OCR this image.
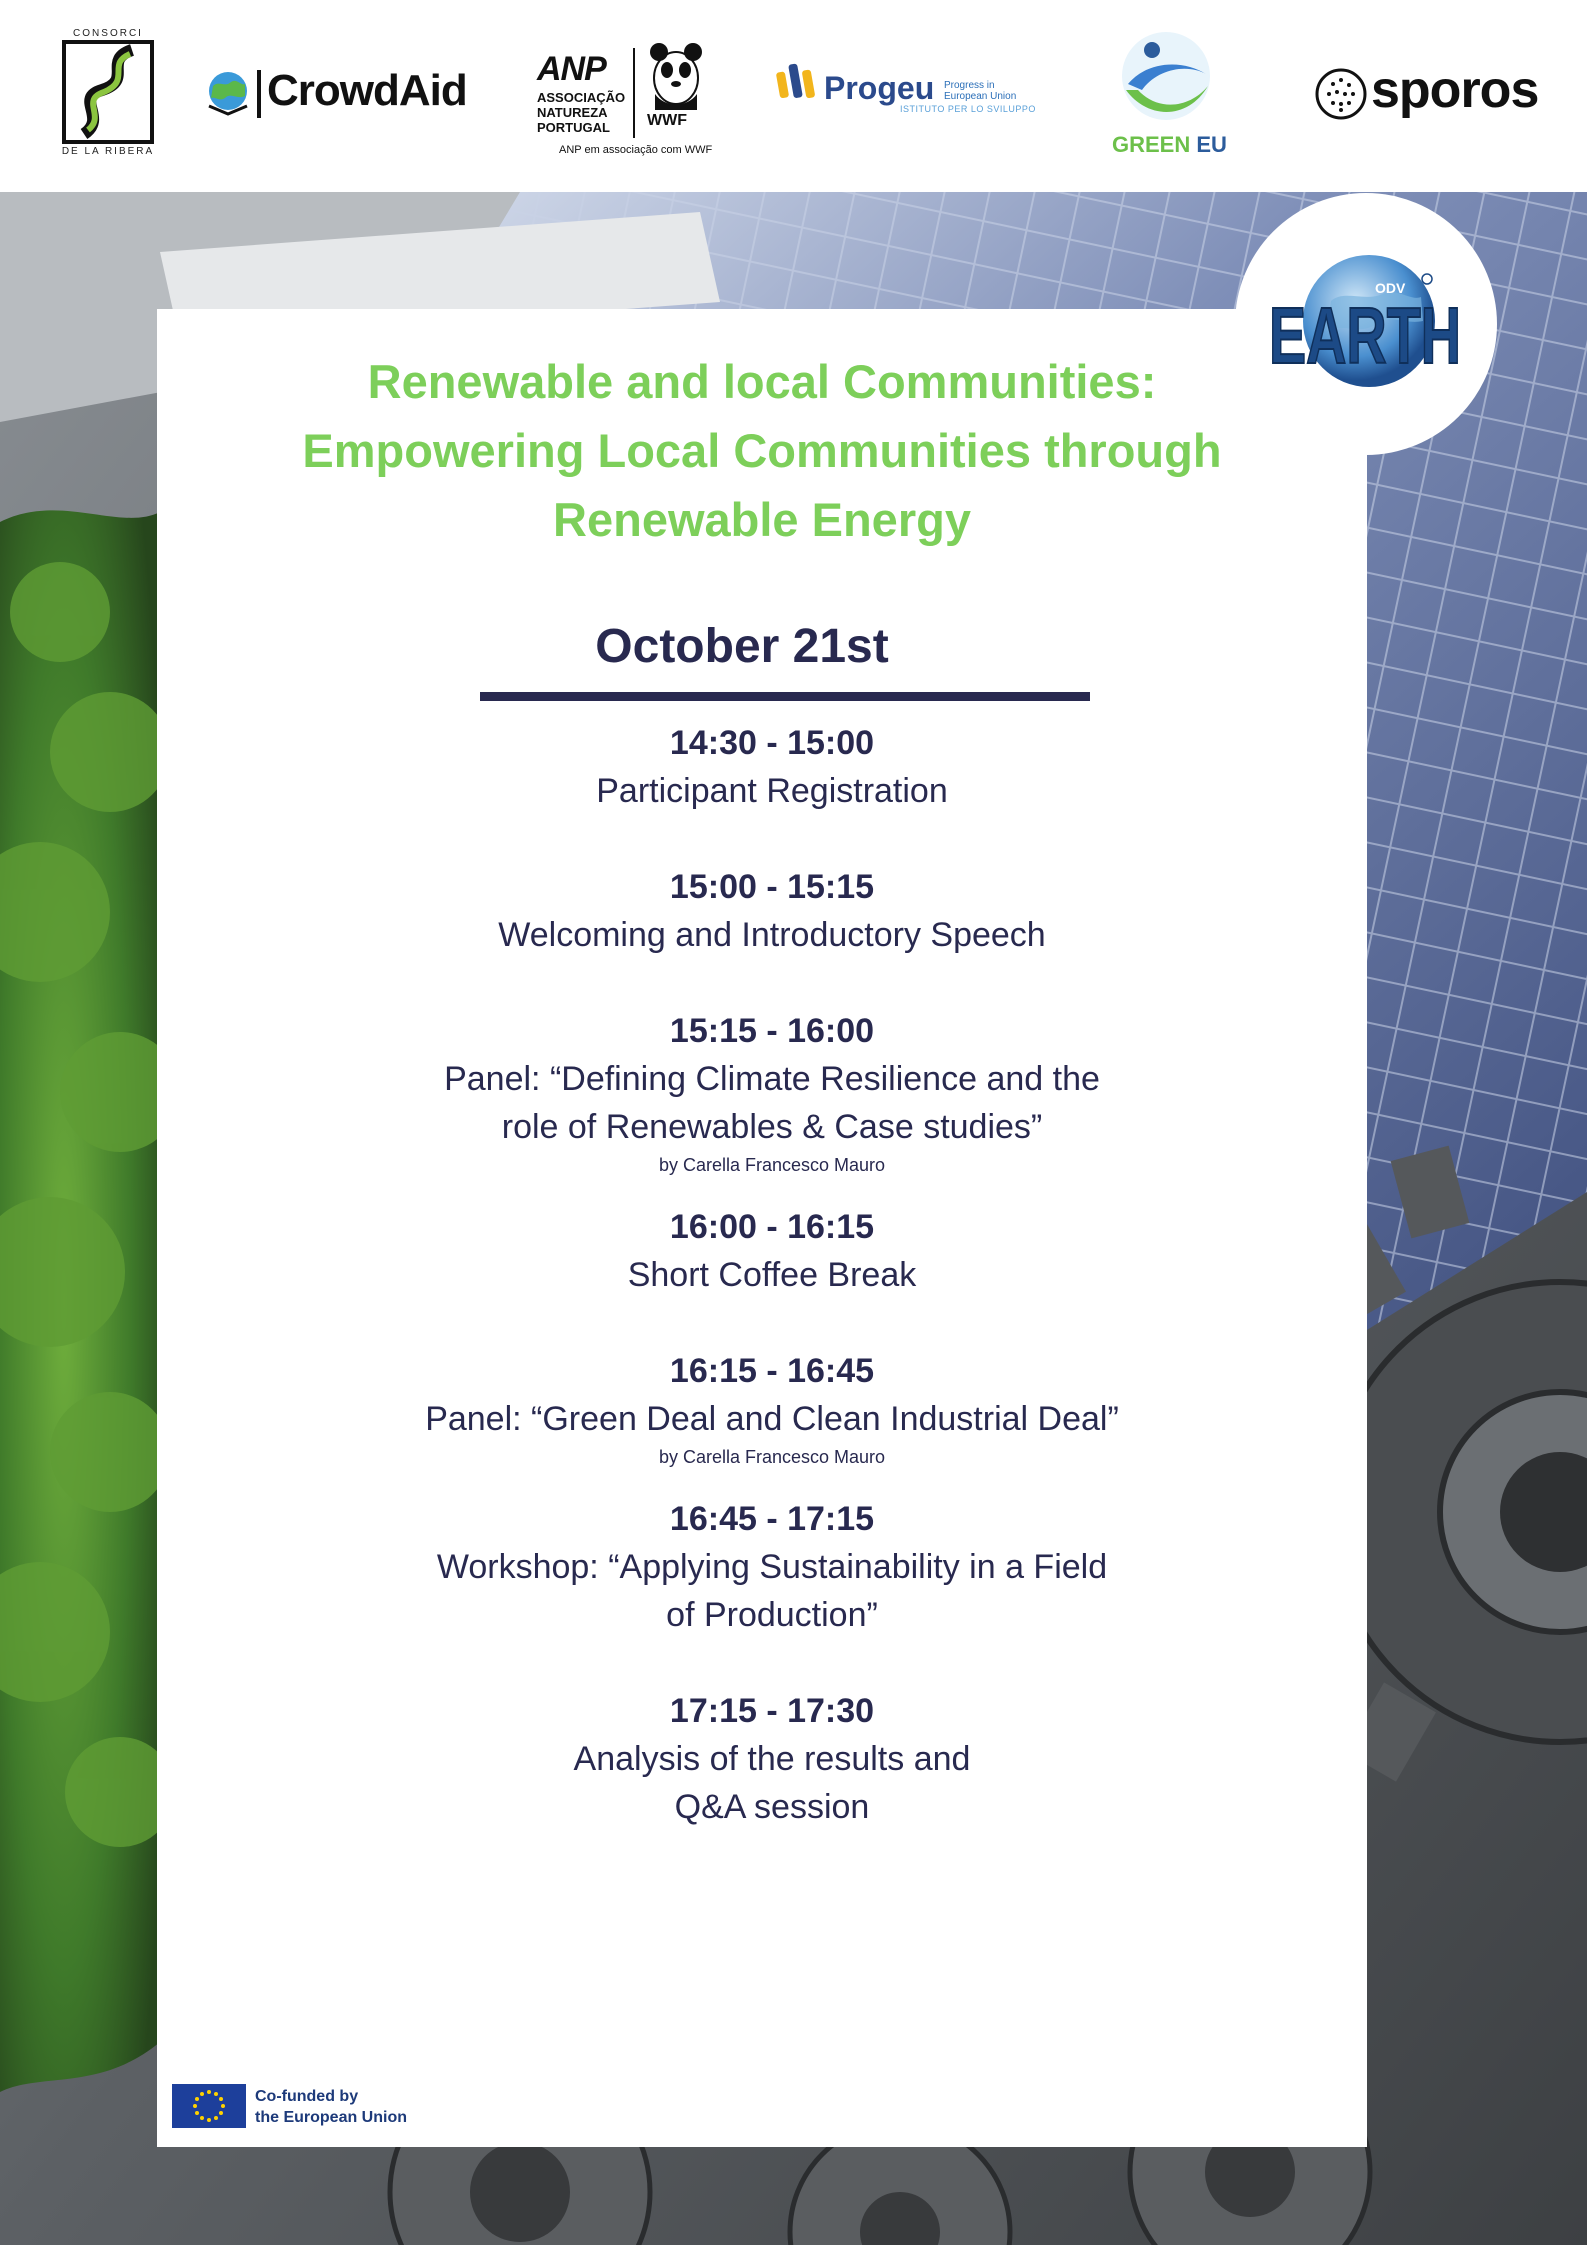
CONSORCI
DE LA RIBERA
CrowdAid ANP
ASSOCIAÇÃO
NATUREZA
PORTUGAL	WWF
ANP em associação com WWF
Progeu Progress in
European Union
ISTITUTO PER LO SVILUPPO
GREEN EU
sporos
Renewable and local Communities:
Empowering Local Communities through
Renewable Energy
October 21st
14:30 - 15:00
Participant Registration
15:00 - 15:15
Welcoming and Introductory Speech
15:15 - 16:00
Panel: “Defining Climate Resilience and the
role of Renewables & Case studies”
by Carella Francesco Mauro
16:00 - 16:15
Short Coffee Break
16:15 - 16:45
Panel: “Green Deal and Clean Industrial Deal”
by Carella Francesco Mauro
16:45 - 17:15
Workshop: “Applying Sustainability in a Field
of Production”
17:15 - 17:30
Analysis of the results and
Q&A session
Co-funded by
the European Union
EARTH
ODV
